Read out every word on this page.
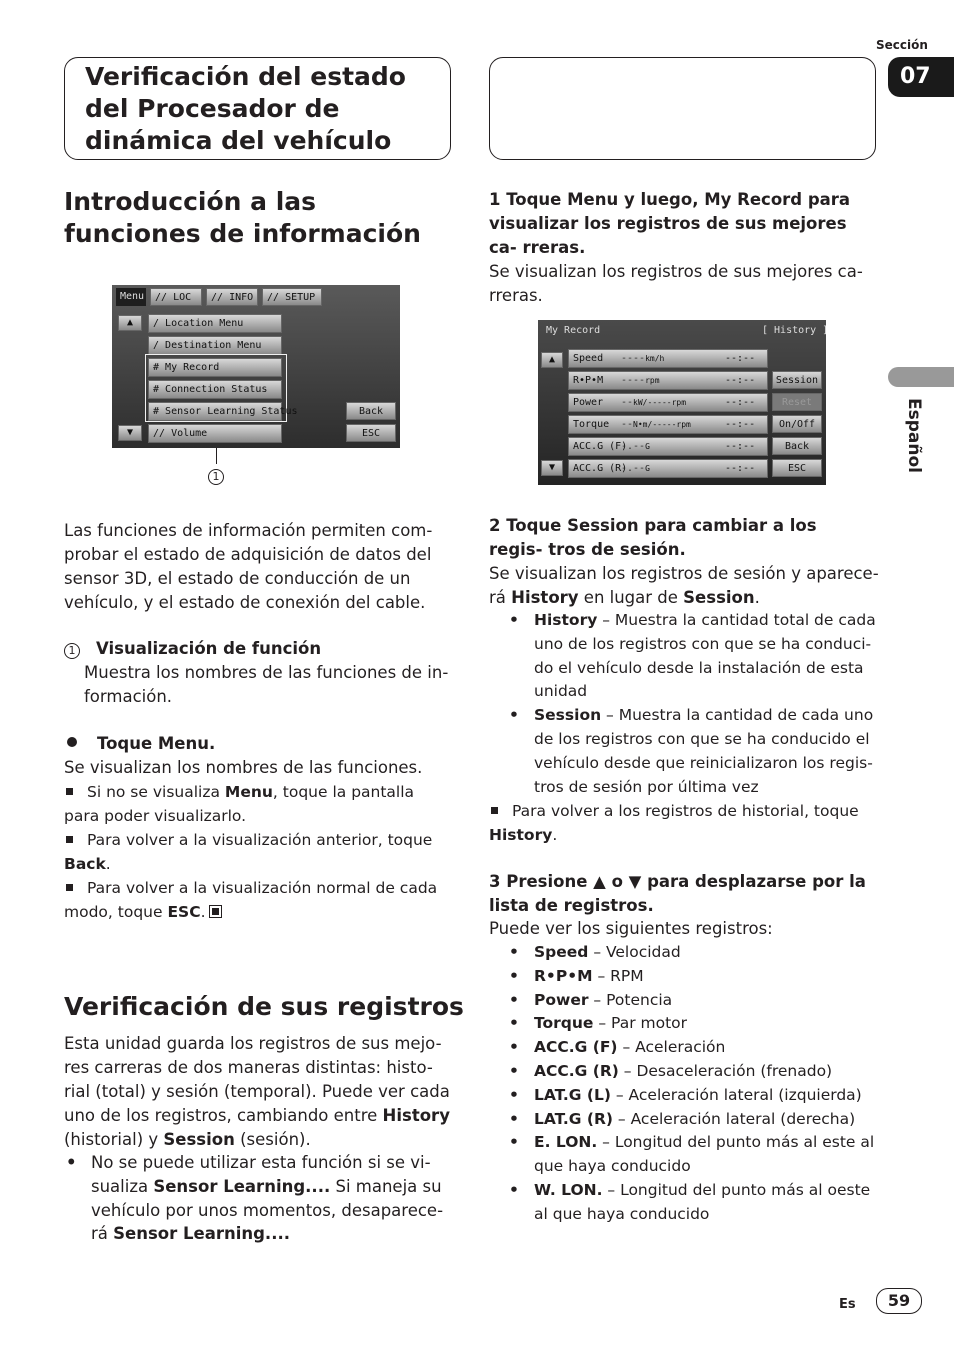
Verificación del estado del Procesador de dinámica del vehículo
Sección
07
Español
Introducción a las funciones de información
Menu	// LOC	// INFO	// SETUP
▲
▼
/ Location Menu
/ Destination Menu
# My Record
# Connection Status
# Sensor Learning Status
// Volume
Back
ESC
1

Las funciones de información permiten com- probar el estado de adquisición de datos del sensor 3D, el estado de conducción de un vehículo, y el estado de conexión del cable.

1 Visualización de función

Muestra los nombres de las funciones de in- formación.

Toque Menu.

Se visualizan los nombres de las funciones.

Si no se visualiza Menu, toque la pantalla para poder visualizarlo.

Para volver a la visualización anterior, toque Back.

Para volver a la visualización normal de cada modo, toque ESC.

Verificación de sus registros

Esta unidad guarda los registros de sus mejo- res carreras de dos maneras distintas: histo- rial (total) y sesión (temporal). Puede ver cada uno de los registros, cambiando entre History (historial) y Session (sesión).

• No se puede utilizar esta función si se vi- sualiza Sensor Learning.... Si maneja su vehículo por unos momentos, desaparece- rá Sensor Learning....

1 Toque Menu y luego, My Record para visualizar los registros de sus mejores ca- rreras.

Se visualizan los registros de sus mejores ca- rreras.

My Record	[ History ]
▲
▼
Speed ----km/h	--:--
R•P•M ----rpm	--:--
Power --kW/-----rpm	--:--
Torque --N•m/-----rpm	--:--
ACC.G (F)-.--G	--:--
ACC.G (R)-.--G	--:--
Session
Reset
On/Off
Back
ESC

2 Toque Session para cambiar a los regis- tros de sesión.

Se visualizan los registros de sesión y aparece- rá History en lugar de Session.

• History – Muestra la cantidad total de cada uno de los registros con que se ha conduci- do el vehículo desde la instalación de esta unidad
• Session – Muestra la cantidad de cada uno de los registros con que se ha conducido el vehículo desde que reinicializaron los regis- tros de sesión por última vez

Para volver a los registros de historial, toque History.

3 Presione ▲ o ▼ para desplazarse por la lista de registros.

Puede ver los siguientes registros:

• Speed – Velocidad
• R•P•M – RPM
• Power – Potencia
• Torque – Par motor
• ACC.G (F) – Aceleración
• ACC.G (R) – Desaceleración (frenado)
• LAT.G (L) – Aceleración lateral (izquierda)
• LAT.G (R) – Aceleración lateral (derecha)
• E. LON. – Longitud del punto más al este al que haya conducido
• W. LON. – Longitud del punto más al oeste al que haya conducido
Es	59
